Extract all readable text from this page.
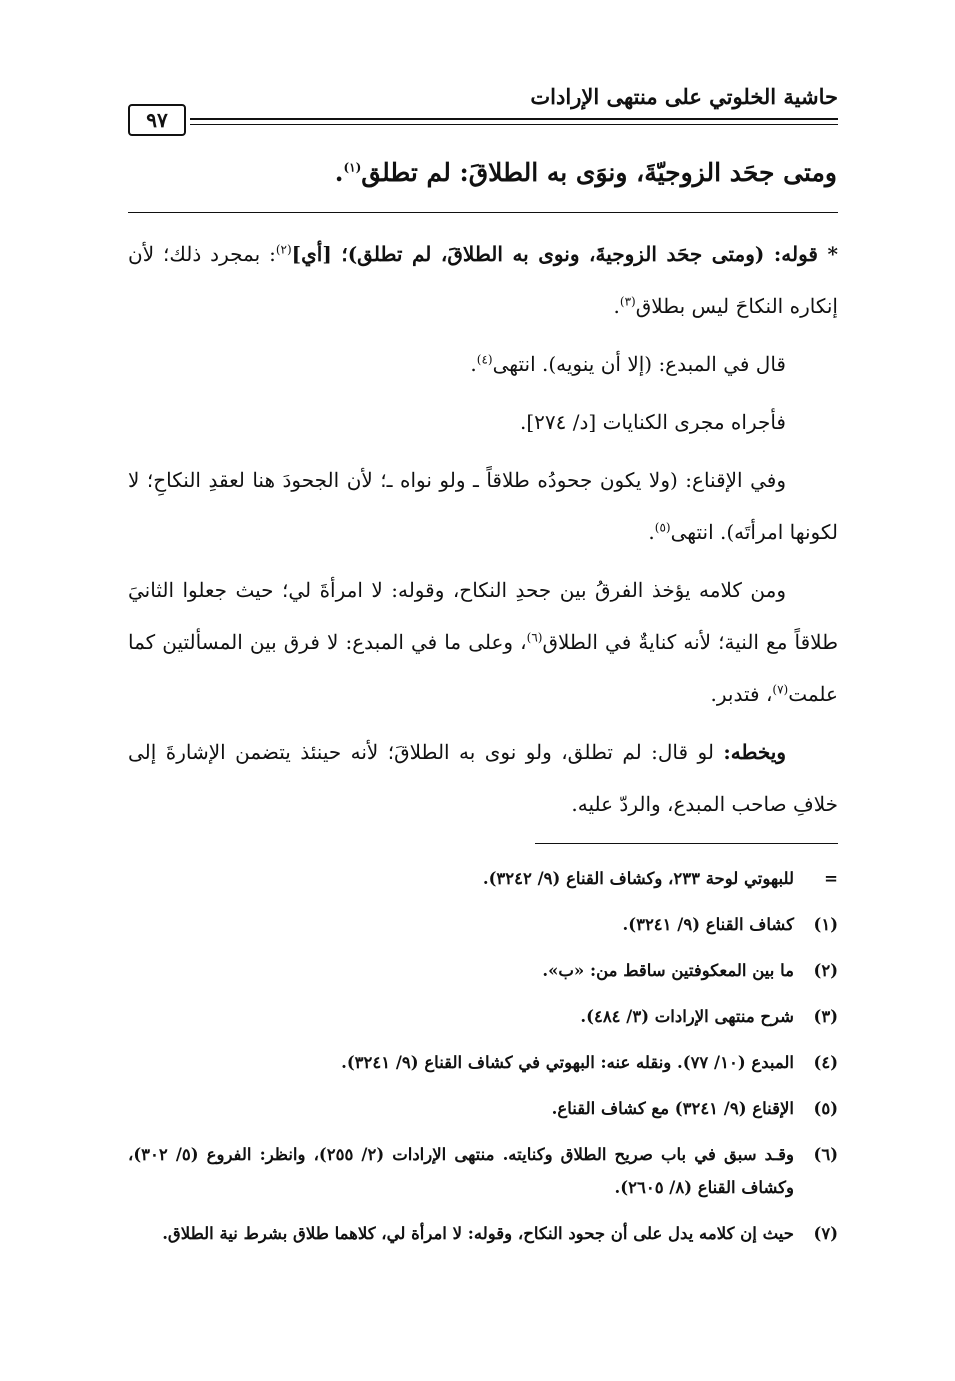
حاشية الخلوتي على منتهى الإرادات
٩٧
ومتى جحَد الزوجيّةَ، ونوَى به الطلاقَ: لم تطلق$^{(١)}$.

* قوله: (ومتى جحَد الزوجيةَ، ونوى به الطلاقَ، لم تطلق)؛ [أي]$^{(٢)}$: بمجرد ذلك؛ لأن إنكاره النكاحَ ليس بطلاق$^{(٣)}$.

قال في المبدع: (إلا أن ينويه). انتهى$^{(٤)}$.

فأجراه مجرى الكنايات [د/ ٢٧٤].

وفي الإقناع: (ولا يكون جحودُه طلاقاً ـ ولو نواه ـ؛ لأن الجحودَ هنا لعقدِ النكاحِ؛ لا لكونها امرأتَه). انتهى$^{(٥)}$.

ومن كلامه يؤخذ الفرقُ بين جحدِ النكاح، وقوله: لا امرأةَ لي؛ حيث جعلوا الثانيَ طلاقاً مع النية؛ لأنه كنايةٌ في الطلاق$^{(٦)}$، وعلى ما في المبدع: لا فرق بين المسألتين كما علمت$^{(٧)}$، فتدبر.

ويخطه: لو قال: لم تطلق، ولو نوى به الطلاقَ؛ لأنه حينئذ يتضمن الإشارةَ إلى خلافِ صاحب المبدع، والردّ عليه.

=
للبهوتي لوحة ٢٣٣، وكشاف القناع (٩/ ٣٢٤٢).
(١)
كشاف القناع (٩/ ٣٢٤١).
(٢)
ما بين المعكوفتين ساقط من: «ب».
(٣)
شرح منتهى الإرادات (٣/ ٤٨٤).
(٤)
المبدع (١٠/ ٧٧). ونقله عنه: البهوتي في كشاف القناع (٩/ ٣٢٤١).
(٥)
الإقناع (٩/ ٣٢٤١) مع كشاف القناع.
(٦)
وقـد سبق في باب صريح الطلاق وكنايته. منتهى الإرادات (٢/ ٢٥٥)، وانظر: الفروع (٥/ ٣٠٢)، وكشاف القناع (٨/ ٢٦٠٥).
(٧)
حيث إن كلامه يدل على أن جحود النكاح، وقوله: لا امرأة لي، كلاهما طلاق بشرط نية الطلاق.
